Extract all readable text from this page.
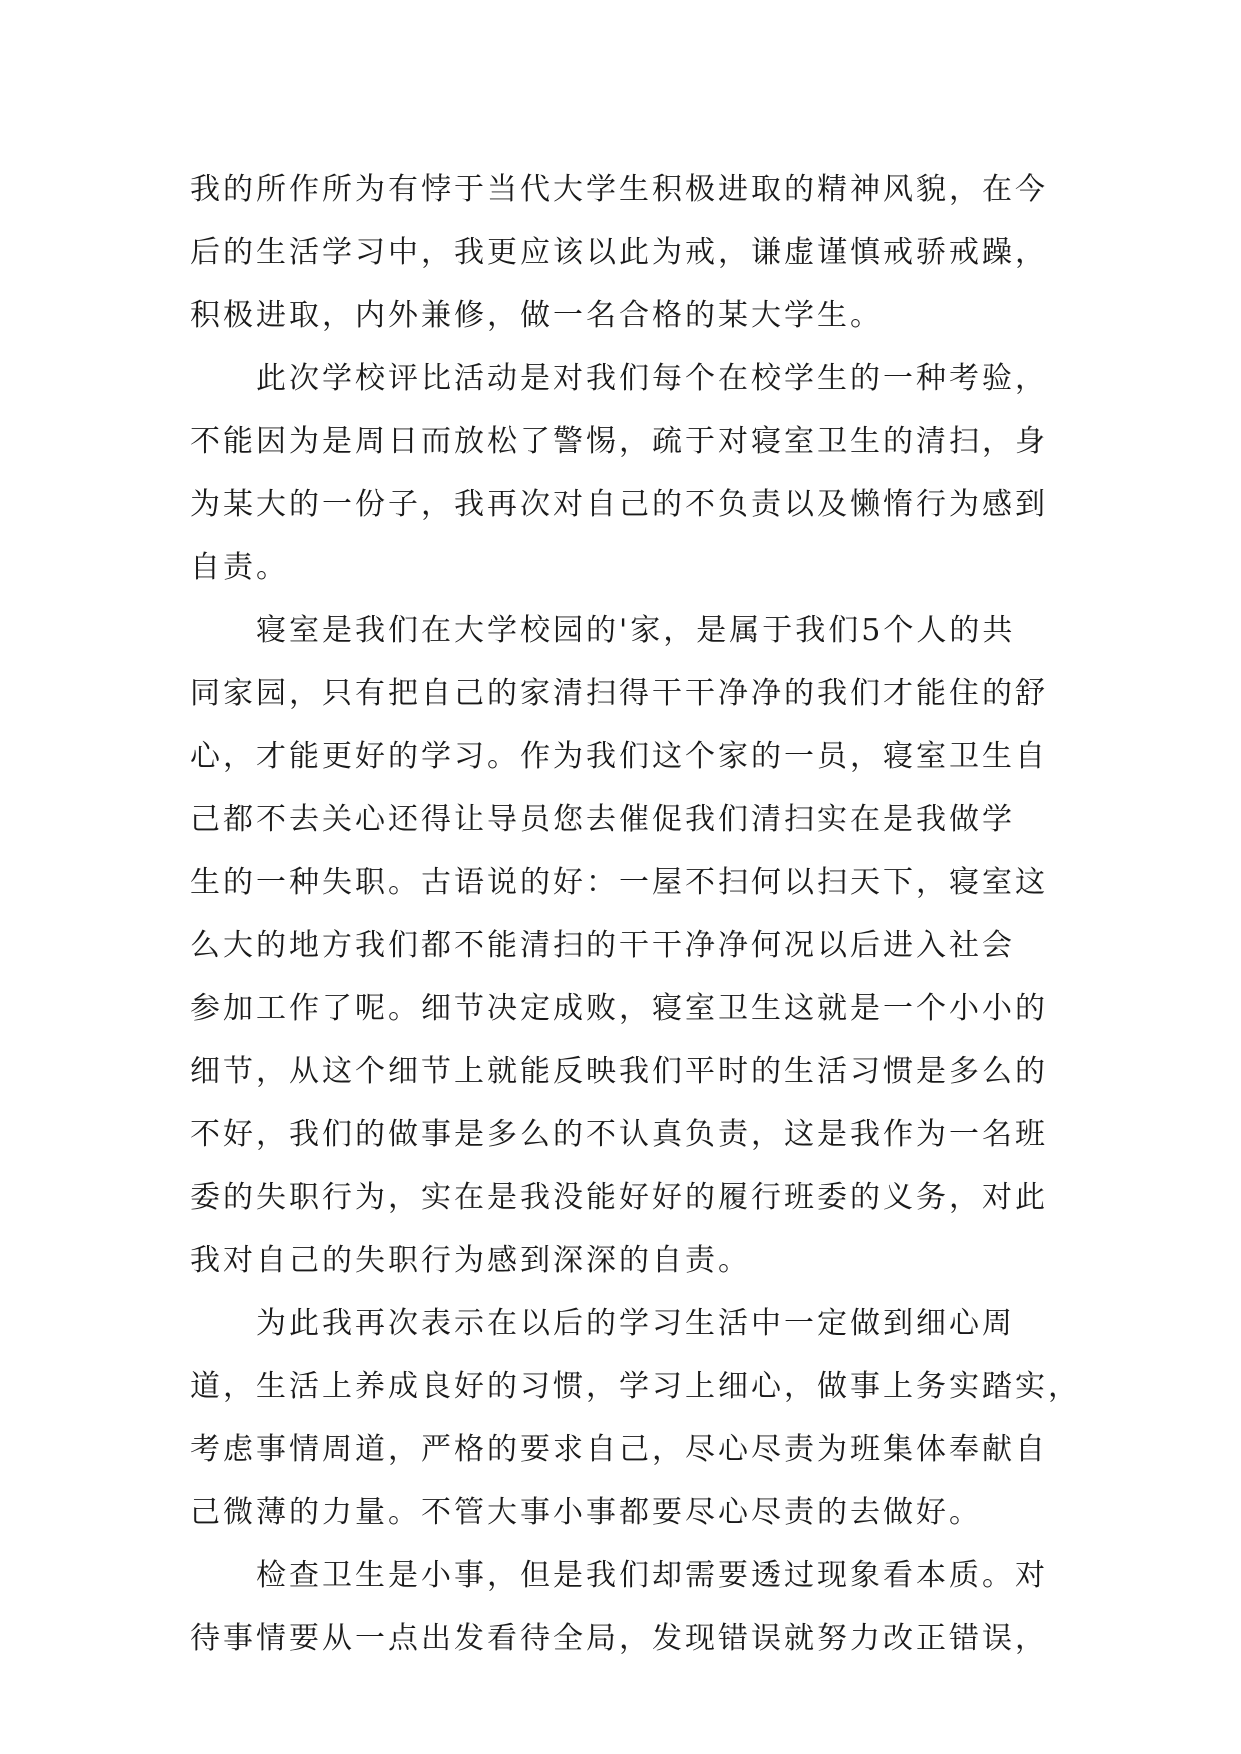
我的所作所为有悖于当代大学生积极进取的精神风貌，在今
后的生活学习中，我更应该以此为戒，谦虚谨慎戒骄戒躁，
积极进取，内外兼修，做一名合格的某大学生。
此次学校评比活动是对我们每个在校学生的一种考验，
不能因为是周日而放松了警惕，疏于对寝室卫生的清扫，身
为某大的一份子，我再次对自己的不负责以及懒惰行为感到
自责。
寝室是我们在大学校园的'家，是属于我们5个人的共
同家园，只有把自己的家清扫得干干净净的我们才能住的舒
心，才能更好的学习。作为我们这个家的一员，寝室卫生自
己都不去关心还得让导员您去催促我们清扫实在是我做学
生的一种失职。古语说的好：一屋不扫何以扫天下，寝室这
么大的地方我们都不能清扫的干干净净何况以后进入社会
参加工作了呢。细节决定成败，寝室卫生这就是一个小小的
细节，从这个细节上就能反映我们平时的生活习惯是多么的
不好，我们的做事是多么的不认真负责，这是我作为一名班
委的失职行为，实在是我没能好好的履行班委的义务，对此
我对自己的失职行为感到深深的自责。
为此我再次表示在以后的学习生活中一定做到细心周
道，生活上养成良好的习惯，学习上细心，做事上务实踏实，
考虑事情周道，严格的要求自己，尽心尽责为班集体奉献自
己微薄的力量。不管大事小事都要尽心尽责的去做好。
检查卫生是小事，但是我们却需要透过现象看本质。对
待事情要从一点出发看待全局，发现错误就努力改正错误，
